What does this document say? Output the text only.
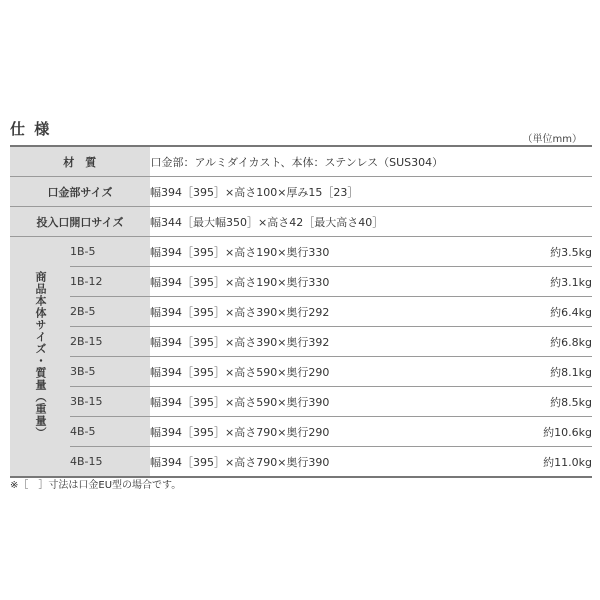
仕 様
（単位mm）
材　質		口金部：アルミダイカスト、本体：ステンレス（SUS304）	
口金部サイズ		幅394［395］×高さ100×厚み15［23］	
投入口開口サイズ		幅344［最大幅350］×高さ42［最大高さ40］	
商品本体サイズ・質量（重量）	1B-5	幅394［395］×高さ190×奥行330	約3.5kg
	1B-12	幅394［395］×高さ190×奥行330	約3.1kg
	2B-5	幅394［395］×高さ390×奥行292	約6.4kg
	2B-15	幅394［395］×高さ390×奥行392	約6.8kg
	3B-5	幅394［395］×高さ590×奥行290	約8.1kg
	3B-15	幅394［395］×高さ590×奥行390	約8.5kg
	4B-5	幅394［395］×高さ790×奥行290	約10.6kg
	4B-15	幅394［395］×高さ790×奥行390	約11.0kg
※［　］寸法は口金EU型の場合です。
